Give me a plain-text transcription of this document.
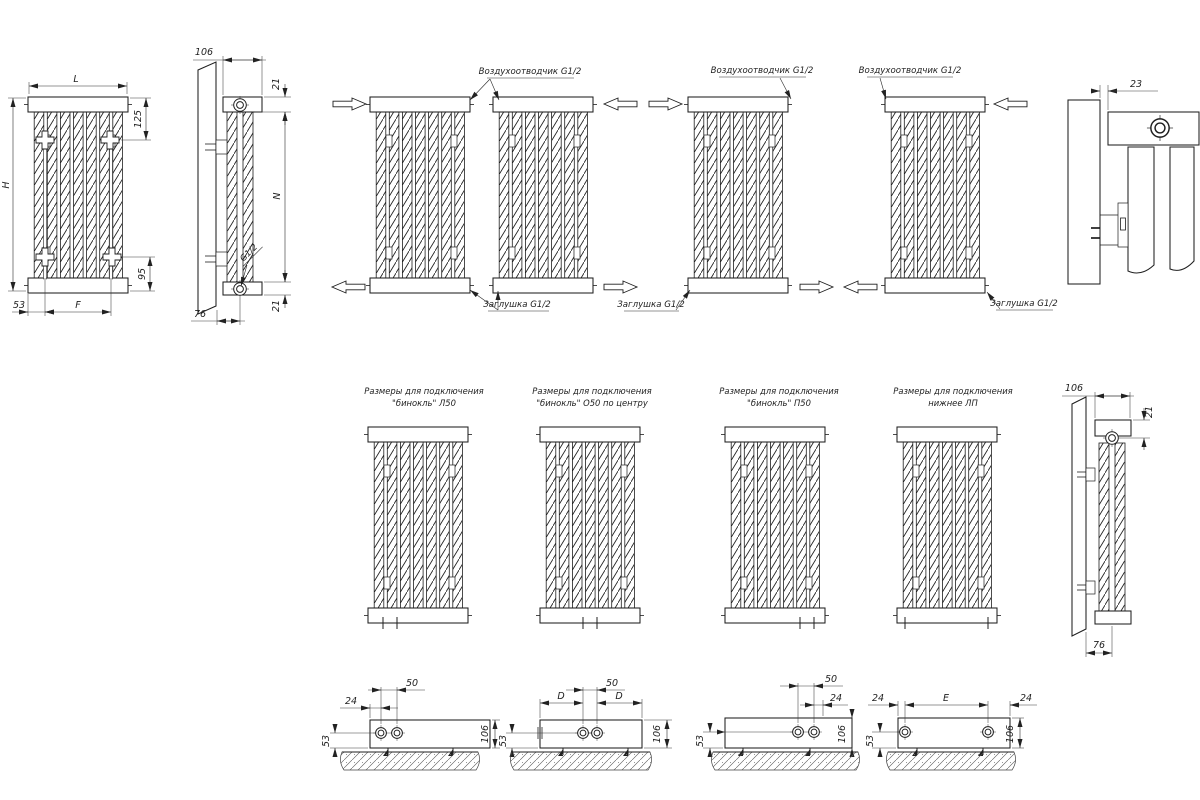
L
H
125
95
53	F
106
21
N
21
G1/2
76
Воздухоотводчик G1/2
Заглушка G1/2
Воздухоотводчик G1/2
Заглушка G1/2
Воздухоотводчик G1/2
Заглушка G1/2
23
Размеры для подключения
"бинокль" Л50
Размеры для подключения
"бинокль" О50 по центру
Размеры для подключения
"бинокль" П50
Размеры для подключения
нижнее ЛП
106
21
76
50
24
53	106
50
D	D
53	106
50
24
53	106
24	E	24
53	106
